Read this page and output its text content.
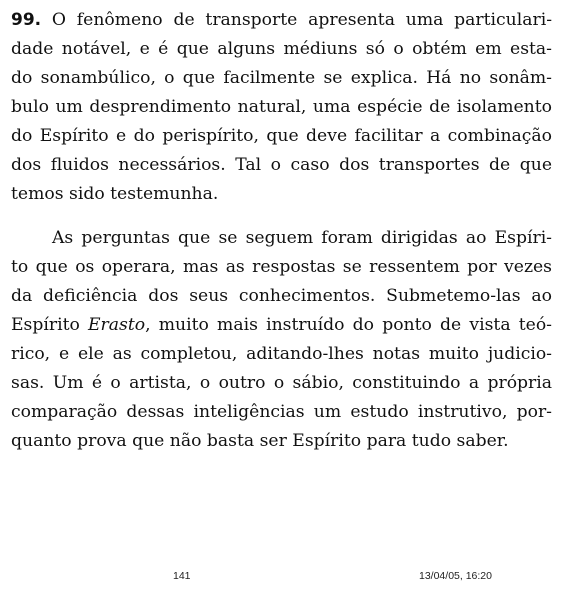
99. O fenômeno de transporte apresenta uma particulari-
dade notável, e é que alguns médiuns só o obtém em esta-
do sonambúlico, o que facilmente se explica. Há no sonâm-
bulo um desprendimento natural, uma espécie de isolamento
do Espírito e do perispírito, que deve facilitar a combinação
dos fluidos necessários. Tal o caso dos transportes de que
temos sido testemunha.
As perguntas que se seguem foram dirigidas ao Espíri-
to que os operara, mas as respostas se ressentem por vezes
da deficiência dos seus conhecimentos. Submetemo-las ao
Espírito Erasto, muito mais instruído do ponto de vista teó-
rico, e ele as completou, aditando-lhes notas muito judicio-
sas. Um é o artista, o outro o sábio, constituindo a própria
comparação dessas inteligências um estudo instrutivo, por-
quanto prova que não basta ser Espírito para tudo saber.
141	13/04/05, 16:20
